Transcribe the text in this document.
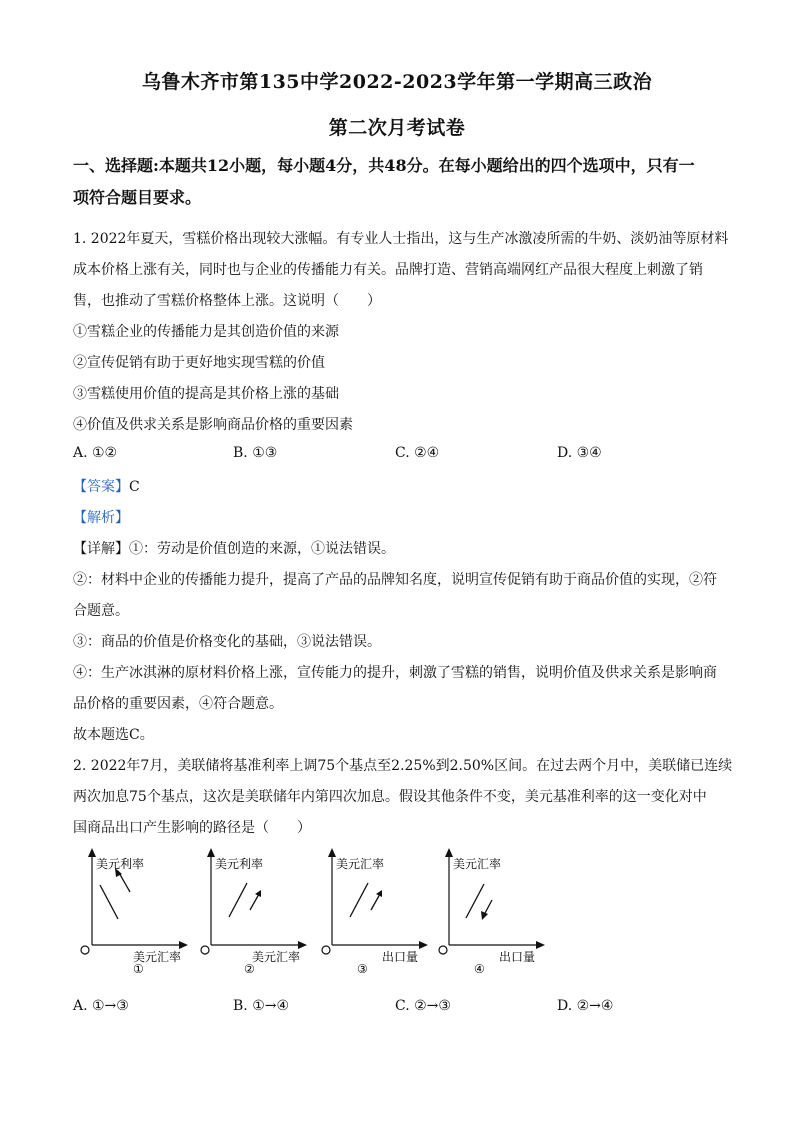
乌鲁木齐市第135中学2022-2023学年第一学期高三政治
第二次月考试卷
一、选择题:本题共12小题，每小题4分，共48分。在每小题给出的四个选项中，只有一
项符合题目要求。
1. 2022年夏天，雪糕价格出现较大涨幅。有专业人士指出，这与生产冰激凌所需的牛奶、淡奶油等原材料
成本价格上涨有关，同时也与企业的传播能力有关。品牌打造、营销高端网红产品很大程度上刺激了销
售，也推动了雪糕价格整体上涨。这说明（　　）
①雪糕企业的传播能力是其创造价值的来源
②宣传促销有助于更好地实现雪糕的价值
③雪糕使用价值的提高是其价格上涨的基础
④价值及供求关系是影响商品价格的重要因素
A. ①②	B. ①③	C. ②④	D. ③④
【答案】C
【解析】
【详解】①：劳动是价值创造的来源，①说法错误。
②：材料中企业的传播能力提升，提高了产品的品牌知名度，说明宣传促销有助于商品价值的实现，②符
合题意。
③：商品的价值是价格变化的基础，③说法错误。
④：生产冰淇淋的原材料价格上涨，宣传能力的提升，刺激了雪糕的销售，说明价值及供求关系是影响商
品价格的重要因素，④符合题意。
故本题选C。
2. 2022年7月，美联储将基准利率上调75个基点至2.25%到2.50%区间。在过去两个月中，美联储已连续
两次加息75个基点，这次是美联储年内第四次加息。假设其他条件不变，美元基准利率的这一变化对中
国商品出口产生影响的路径是（　　）
美元利率
美元汇率
①
美元利率
美元汇率
②
美元汇率
出口量
③
美元汇率
出口量
④
A. ①→③	B. ①→④	C. ②→③	D. ②→④
